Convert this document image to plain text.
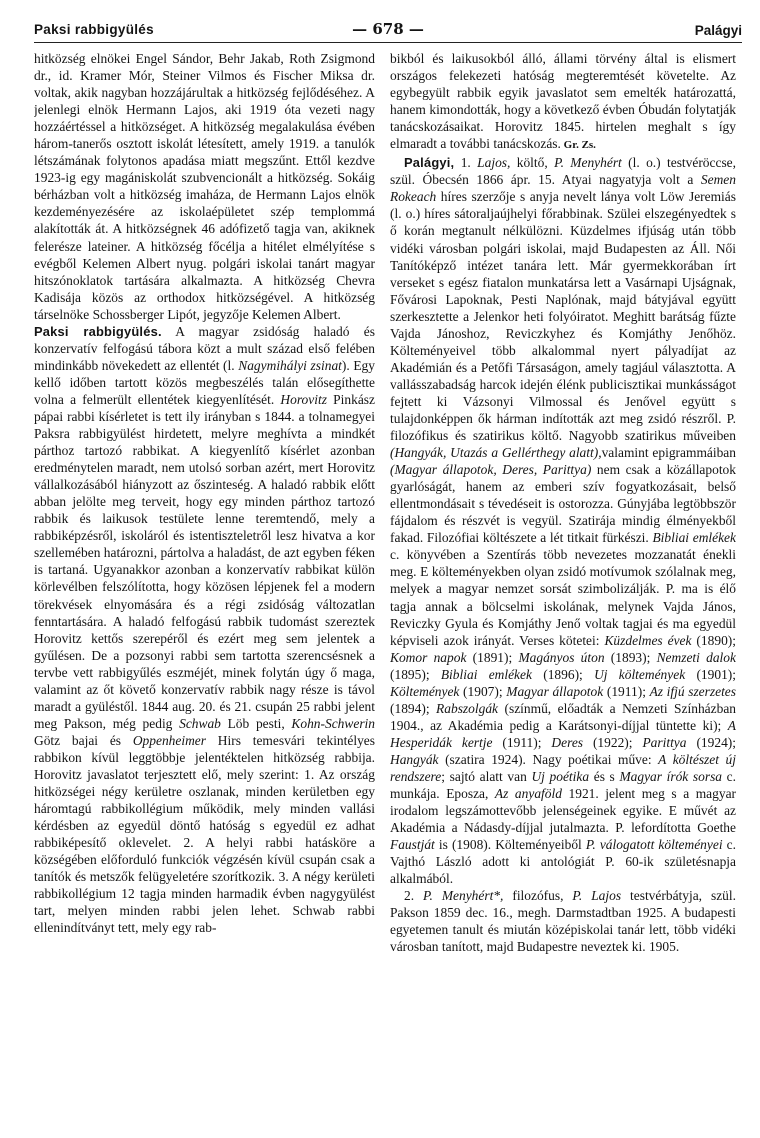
Paksi rabbigyülés	— 678 —	Palágyi

hitközség elnökei Engel Sándor, Behr Jakab, Roth Zsigmond dr., id. Kramer Mór, Steiner Vilmos és Fischer Miksa dr. voltak, akik nagyban hozzájárultak a hitközség fejlődéséhez. A jelenlegi elnök Hermann Lajos, aki 1919 óta vezeti nagy hozzáértéssel a hitközséget. A hitközség megalakulása évében három-tanerős osztott iskolát létesített, amely 1919. a tanulók létszámának folytonos apadása miatt megszűnt. Ettől kezdve 1923-ig egy magániskolát szubvencionált a hitközség. Sokáig bérházban volt a hitközség imaháza, de Hermann Lajos elnök kezdeményezésére az iskolaépületet szép templommá alakították át. A hitközségnek 46 adófizető tagja van, akiknek felerésze lateiner. A hitközség főcélja a hitélet elmélyítése s evégből Kelemen Albert nyug. polgári iskolai tanárt magyar hitszónoklatok tartására alkalmazta. A hitközség Chevra Kadisája közös az orthodox hitközségével. A hitközség társelnöke Schossberger Lipót, jegyzője Kelemen Albert.

Paksi rabbigyülés. A magyar zsidóság haladó és konzervatív felfogású tábora közt a mult század első felében mindinkább növekedett az ellentét (l. Nagymihályi zsinat). Egy kellő időben tartott közös megbeszélés talán elősegíthette volna a felmerült ellentétek kiegyenlítését. Horovitz Pinkász pápai rabbi kísérletet is tett ily irányban s 1844. a tolnamegyei Paksra rabbigyülést hirdetett, melyre meghívta a mindkét párthoz tartozó rabbikat. A kiegyenlítő kísérlet azonban eredménytelen maradt, nem utolsó sorban azért, mert Horovitz vállalkozásából hiányzott az őszinteség. A haladó rabbik előtt abban jelölte meg terveit, hogy egy minden párthoz tartozó rabbik és laikusok testülete lenne teremtendő, mely a rabbiképzésről, iskoláról és istentiszteletről lesz hivatva a kor szellemében határozni, pártolva a haladást, de azt egyben féken is tartaná. Ugyanakkor azonban a konzervatív rabbikat külön körlevélben felszólította, hogy közösen lépjenek fel a modern törekvések elnyomására és a régi zsidóság változatlan fenntartására. A haladó felfogású rabbik tudomást szereztek Horovitz kettős szerepéről és ezért meg sem jelentek a gyűlésen. De a pozsonyi rabbi sem tartotta szerencsésnek a tervbe vett rabbigyűlés eszméjét, minek folytán úgy ő maga, valamint az őt követő konzervatív rabbik nagy része is távol maradt a gyüléstől. 1844 aug. 20. és 21. csupán 25 rabbi jelent meg Pakson, még pedig Schwab Löb pesti, Kohn-Schwerin Götz bajai és Oppenheimer Hirs temesvári tekintélyes rabbikon kívül leggtöbbje jelentéktelen hitközség rabbija. Horovitz javaslatot terjesztett elő, mely szerint: 1. Az ország hitközségei négy kerületre oszlanak, minden kerületben egy háromtagú rabbikollégium működik, mely minden vallási kérdésben az egyedül döntő hatóság s egyedül ez adhat rabbiképesítő oklevelet. 2. A helyi rabbi hatásköre a községében előforduló funkciók végzésén kívül csupán csak a tanítók és metszők felügyeletére szorítkozik. 3. A négy kerületi rabbikollégium 12 tagja minden harmadik évben nagygyülést tart, melyen minden rabbi jelen lehet. Schwab rabbi ellenindítványt tett, mely egy rab-

bikból és laikusokból álló, állami törvény által is elismert országos felekezeti hatóság megteremtését követelte. Az egybegyült rabbik egyik javaslatot sem emelték határozattá, hanem kimondották, hogy a következő évben Óbudán folytatják tanácskozásaikat. Horovitz 1845. hirtelen meghalt s így elmaradt a további tanácskozás. Gr. Zs.

Palágyi, 1. Lajos, költő, P. Menyhért (l. o.) testvéröccse, szül. Óbecsén 1866 ápr. 15. Atyai nagyatyja volt a Semen Rokeach híres szerzője s anyja nevelt lánya volt Löw Jeremiás (l. o.) híres sátoraljaújhelyi főrabbinak. Szülei elszegényedtek s ő korán megtanult nélkülözni. Küzdelmes ifjúság után több vidéki városban polgári iskolai, majd Budapesten az Áll. Női Tanítóképző intézet tanára lett. Már gyermekkorában írt verseket s egész fiatalon munkatársa lett a Vasárnapi Ujságnak, Fővárosi Lapoknak, Pesti Naplónak, majd bátyjával együtt szerkesztette a Jelenkor heti folyóiratot. Meghitt barátság fűzte Vajda Jánoshoz, Reviczkyhez és Komjáthy Jenőhöz. Költeményeivel több alkalommal nyert pályadíjat az Akadémián és a Petőfi Társaságon, amely tagjául választotta. A vallásszabadság harcok idején élénk publicisztikai munkásságot fejtett ki Vázsonyi Vilmossal és Jenővel együtt s tulajdonképpen ők hárman indították azt meg zsidó részről. P. filozófikus és szatirikus költő. Nagyobb szatirikus műveiben (Hangyák, Utazás a Gellérthegy alatt),valamint epigrammáiban (Magyar állapotok, Deres, Parittya) nem csak a közállapotok gyarlóságát, hanem az emberi szív fogyatkozásait, belső ellentmondásait s tévedéseit is ostorozza. Gúnyjába legtöbbször fájdalom és részvét is vegyül. Szatirája mindig élményekből fakad. Filozófiai költészete a lét titkait fürkészi. Bibliai emlékek c. könyvében a Szentírás több nevezetes mozzanatát énekli meg. E költeményekben olyan zsidó motívumok szólalnak meg, melyek a magyar nemzet sorsát szimbolizálják. P. ma is élő tagja annak a bölcselmi iskolának, melynek Vajda János, Reviczky Gyula és Komjáthy Jenő voltak tagjai és ma egyedül képviseli azok irányát. Verses kötetei: Küzdelmes évek (1890); Komor napok (1891); Magányos úton (1893); Nemzeti dalok (1895); Bibliai emlékek (1896); Uj költemények (1901); Költemények (1907); Magyar állapotok (1911); Az ifjú szerzetes (1894); Rabszolgák (színmű, előadták a Nemzeti Színházban 1904., az Akadémia pedig a Karátsonyi-díjjal tüntette ki); A Hesperidák kertje (1911); Deres (1922); Parittya (1924); Hangyák (szatira 1924). Nagy poétikai műve: A költészet új rendszere; sajtó alatt van Uj poétika és s Magyar írók sorsa c. munkája. Eposza, Az anyaföld 1921. jelent meg s a magyar irodalom legszámottevőbb jelenségeinek egyike. E művét az Akadémia a Nádasdy-díjjal jutalmazta. P. lefordította Goethe Faustját is (1908). Költeményeiből P. válogatott költeményei c. Vajthó László adott ki antológiát P. 60-ik születésnapja alkalmából.

2. P. Menyhért*, filozófus, P. Lajos testvérbátyja, szül. Pakson 1859 dec. 16., megh. Darmstadtban 1925. A budapesti egyetemen tanult és miután középiskolai tanár lett, több vidéki városban tanított, majd Budapestre neveztek ki. 1905.
